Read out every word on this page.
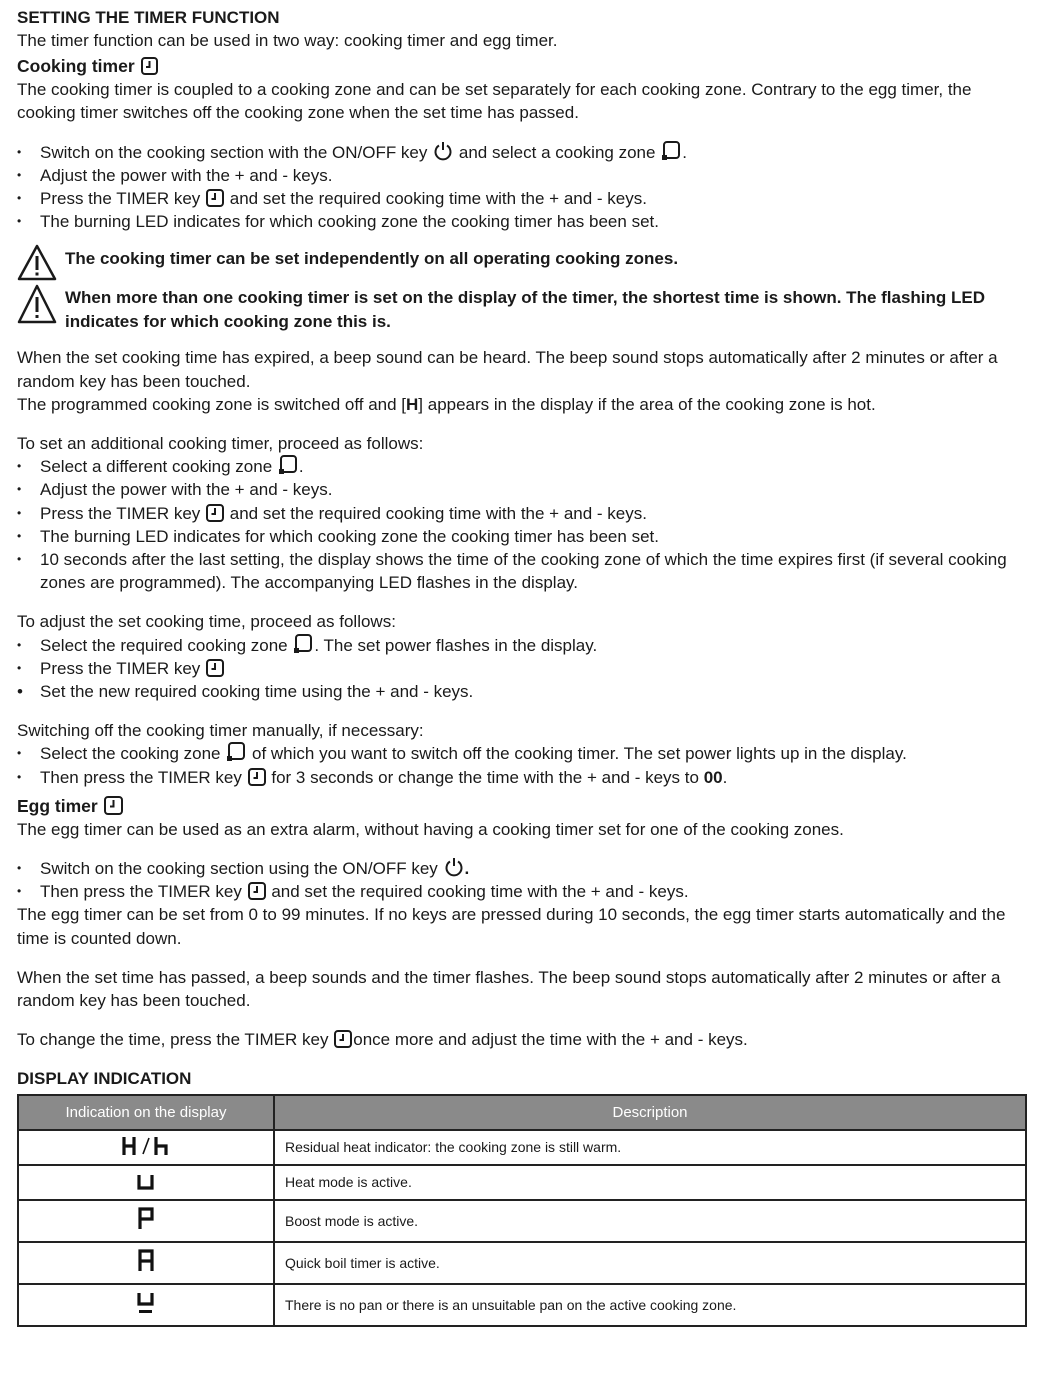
SETTING THE TIMER FUNCTION

The timer function can be used in two way: cooking timer and egg timer.

Cooking timer

The cooking timer is coupled to a cooking zone and can be set separately for each cooking zone. Contrary to the egg timer, the cooking timer switches off the cooking zone when the set time has passed.

• Switch on the cooking section with the ON/OFF key and select a cooking zone .
• Adjust the power with the + and - keys.
• Press the TIMER key and set the required cooking time with the + and - keys.
• The burning LED indicates for which cooking zone the cooking timer has been set.
The cooking timer can be set independently on all operating cooking zones.
When more than one cooking timer is set on the display of the timer, the shortest time is shown. The flashing LED indicates for which cooking zone this is.

When the set cooking time has expired, a beep sound can be heard. The beep sound stops automatically after 2 minutes or after a random key has been touched.

The programmed cooking zone is switched off and [H] appears in the display if the area of the cooking zone is hot.

To set an additional cooking timer, proceed as follows:

• Select a different cooking zone .
• Adjust the power with the + and - keys.
• Press the TIMER key and set the required cooking time with the + and - keys.
• The burning LED indicates for which cooking zone the cooking timer has been set.
• 10 seconds after the last setting, the display shows the time of the cooking zone of which the time expires first (if several cooking zones are programmed). The accompanying LED flashes in the display.

To adjust the set cooking time, proceed as follows:

• Select the required cooking zone . The set power flashes in the display.
• Press the TIMER key
• Set the new required cooking time using the + and - keys.

Switching off the cooking timer manually, if necessary:

• Select the cooking zone of which you want to switch off the cooking timer. The set power lights up in the display.
• Then press the TIMER key for 3 seconds or change the time with the + and - keys to 00.
Egg timer

The egg timer can be used as an extra alarm, without having a cooking timer set for one of the cooking zones.

• Switch on the cooking section using the ON/OFF key .
• Then press the TIMER key and set the required cooking time with the + and - keys.

The egg timer can be set from 0 to 99 minutes. If no keys are pressed during 10 seconds, the egg timer starts automatically and the time is counted down.

When the set time has passed, a beep sounds and the timer flashes. The beep sound stops automatically after 2 minutes or after a random key has been touched.

To change the time, press the TIMER key once more and adjust the time with the + and - keys.

DISPLAY INDICATION
Indication on the display	Description
	Residual heat indicator: the cooking zone is still warm.
	Heat mode is active.
	Boost mode is active.
	Quick boil timer is active.
	There is no pan or there is an unsuitable pan on the active cooking zone.
